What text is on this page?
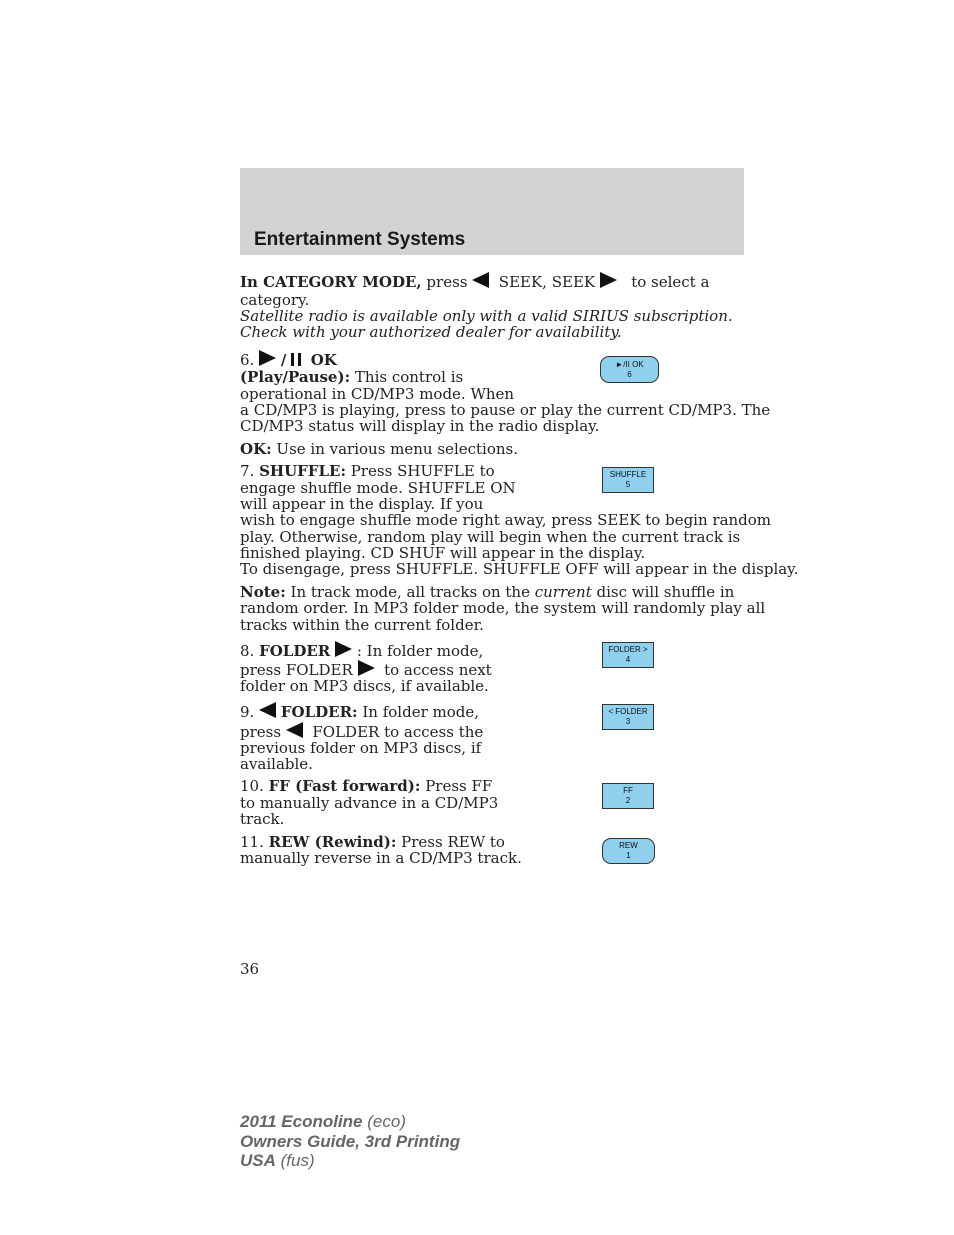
Entertainment Systems
In CATEGORY MODE, press SEEK, SEEK to select a
category.
Satellite radio is available only with a valid SIRIUS subscription.
Check with your authorized dealer for availability.
6. / OK
(Play/Pause): This control is
operational in CD/MP3 mode. When
a CD/MP3 is playing, press to pause or play the current CD/MP3. The
CD/MP3 status will display in the radio display.
OK: Use in various menu selections.
►/II OK
6
7. SHUFFLE: Press SHUFFLE to
engage shuffle mode. SHUFFLE ON
will appear in the display. If you
wish to engage shuffle mode right away, press SEEK to begin random
play. Otherwise, random play will begin when the current track is
finished playing. CD SHUF will appear in the display.
To disengage, press SHUFFLE. SHUFFLE OFF will appear in the display.
SHUFFLE
5
Note: In track mode, all tracks on the current disc will shuffle in
random order. In MP3 folder mode, the system will randomly play all
tracks within the current folder.
8. FOLDER : In folder mode,
press FOLDER to access next
folder on MP3 discs, if available.
FOLDER >
4
9. FOLDER: In folder mode,
press FOLDER to access the
previous folder on MP3 discs, if
available.
< FOLDER
3
10. FF (Fast forward): Press FF
to manually advance in a CD/MP3
track.
FF
2
11. REW (Rewind): Press REW to
manually reverse in a CD/MP3 track.
REW
1
36
2011 Econoline (eco)
Owners Guide, 3rd Printing
USA (fus)
